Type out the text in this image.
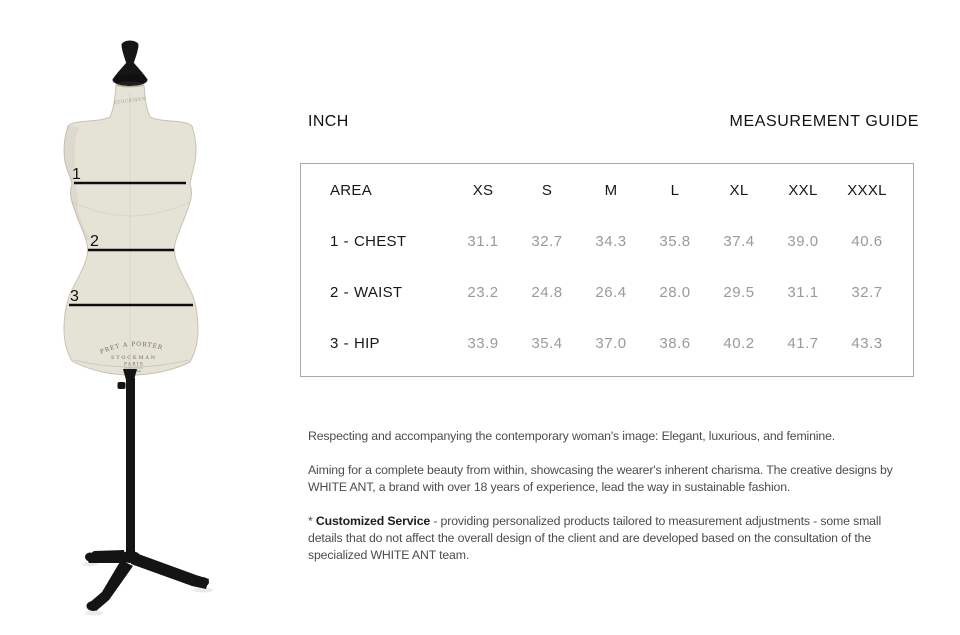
STOCKMAN
PRET A PORTER
STOCKMAN
PARIS
1
2
3
INCH	MEASUREMENT GUIDE
AREA	XS	S	M	L	XL	XXL	XXXL
1 - CHEST	31.1	32.7	34.3	35.8	37.4	39.0	40.6
2 - WAIST	23.2	24.8	26.4	28.0	29.5	31.1	32.7
3 - HIP	33.9	35.4	37.0	38.6	40.2	41.7	43.3

Respecting and accompanying the contemporary woman's image: Elegant, luxurious, and feminine.

Aiming for a complete beauty from within, showcasing the wearer's inherent charisma. The creative designs by WHITE ANT, a brand with over 18 years of experience, lead the way in sustainable fashion.

* Customized Service - providing personalized products tailored to measurement adjustments - some small details that do not affect the overall design of the client and are developed based on the consultation of the specialized WHITE ANT team.
